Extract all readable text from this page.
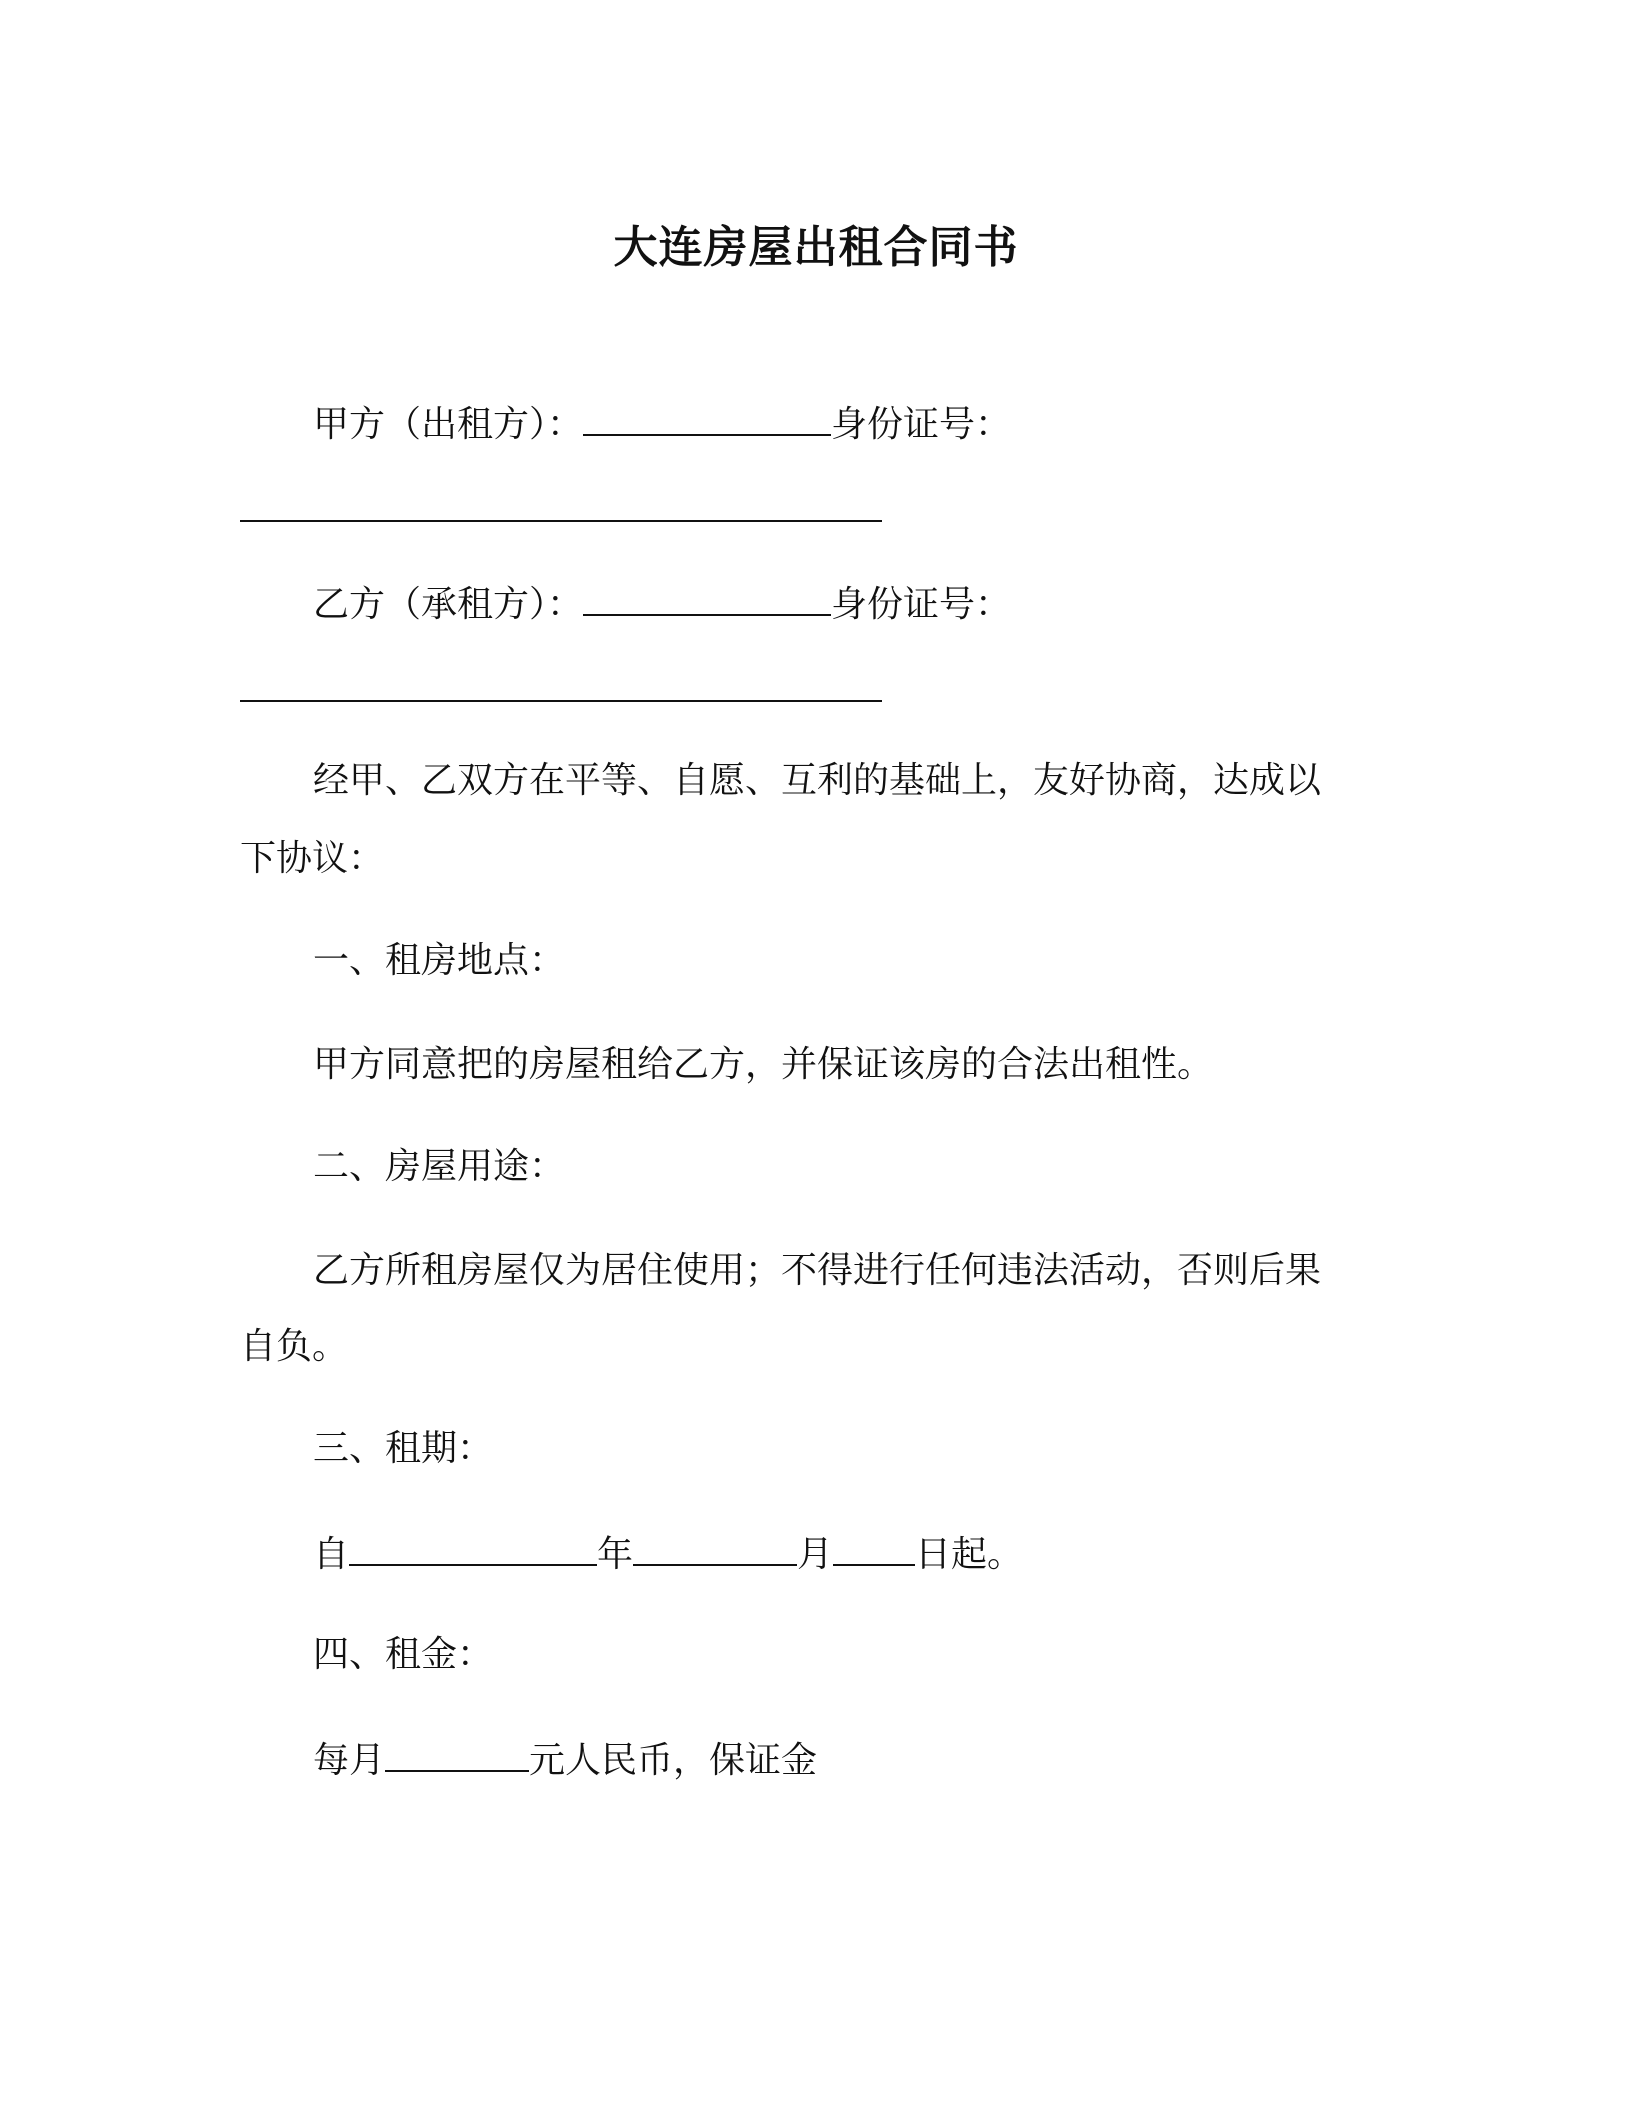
大连房屋出租合同书

甲方（出租方）：	身份证号：

乙方（承租方）：	身份证号：

经甲、乙双方在平等、自愿、互利的基础上，友好协商，达成以

下协议：

一、租房地点：

甲方同意把的房屋租给乙方，并保证该房的合法出租性。

二、房屋用途：

乙方所租房屋仅为居住使用；不得进行任何违法活动，否则后果

自负。

三、租期：

自	年	月 日起。

四、租金：

每月	元人民币，保证金
